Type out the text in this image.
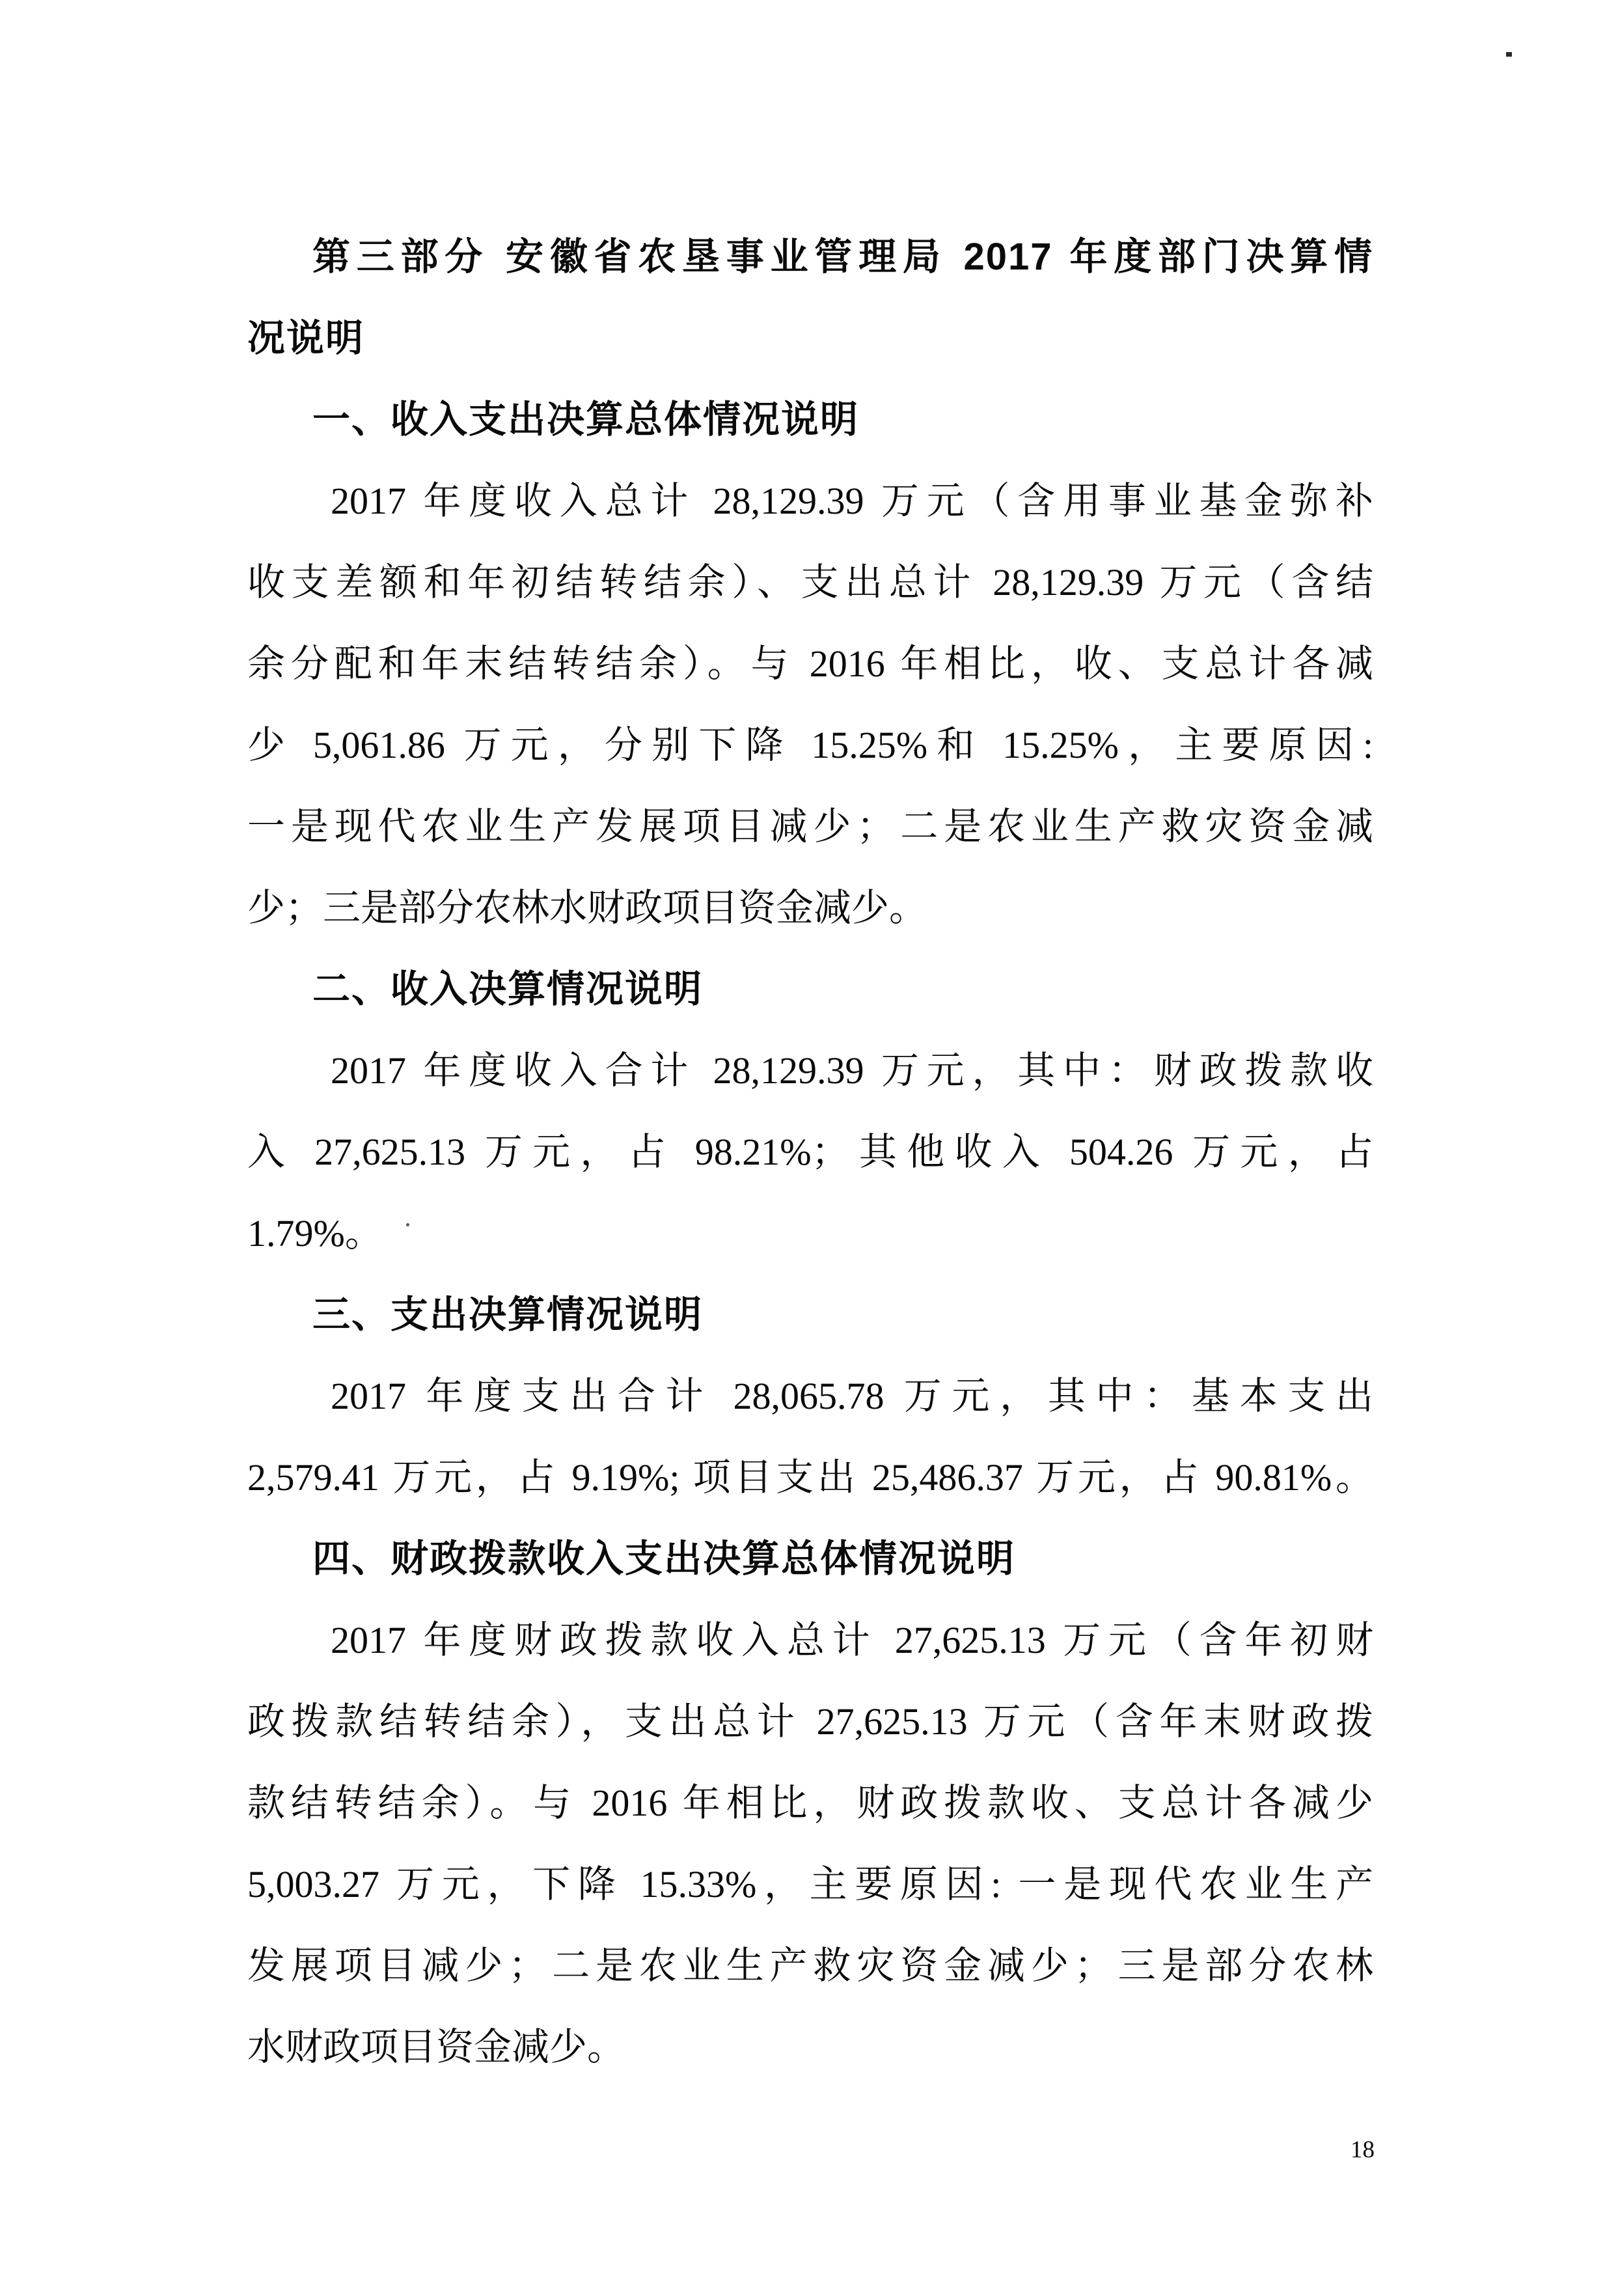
第三部分 安徽省农垦事业管理局 2017 年度部门决算情
况说明
一、收入支出决算总体情况说明
2017 年度收入总计 28,129.39 万元（含用事业基金弥补
收支差额和年初结转结余）、支出总计 28,129.39 万元（含结
余分配和年末结转结余）。与 2016 年相比，收、支总计各减
少 5,061.86 万元，分别下降 15.25%和 15.25%，主要原因:
一是现代农业生产发展项目减少；二是农业生产救灾资金减
少；三是部分农林水财政项目资金减少。
二、收入决算情况说明
2017 年度收入合计 28,129.39 万元，其中：财政拨款收
入 27,625.13 万元，占 98.21%；其他收入 504.26 万元，占
1.79%。
三、支出决算情况说明
2017 年度支出合计 28,065.78 万元，其中：基本支出
2,579.41 万元，占 9.19%; 项目支出 25,486.37 万元，占 90.81%。
四、财政拨款收入支出决算总体情况说明
2017 年度财政拨款收入总计 27,625.13 万元（含年初财
政拨款结转结余），支出总计 27,625.13 万元（含年末财政拨
款结转结余）。与 2016 年相比，财政拨款收、支总计各减少
5,003.27 万元，下降 15.33%，主要原因: 一是现代农业生产
发展项目减少；二是农业生产救灾资金减少；三是部分农林
水财政项目资金减少。
18
